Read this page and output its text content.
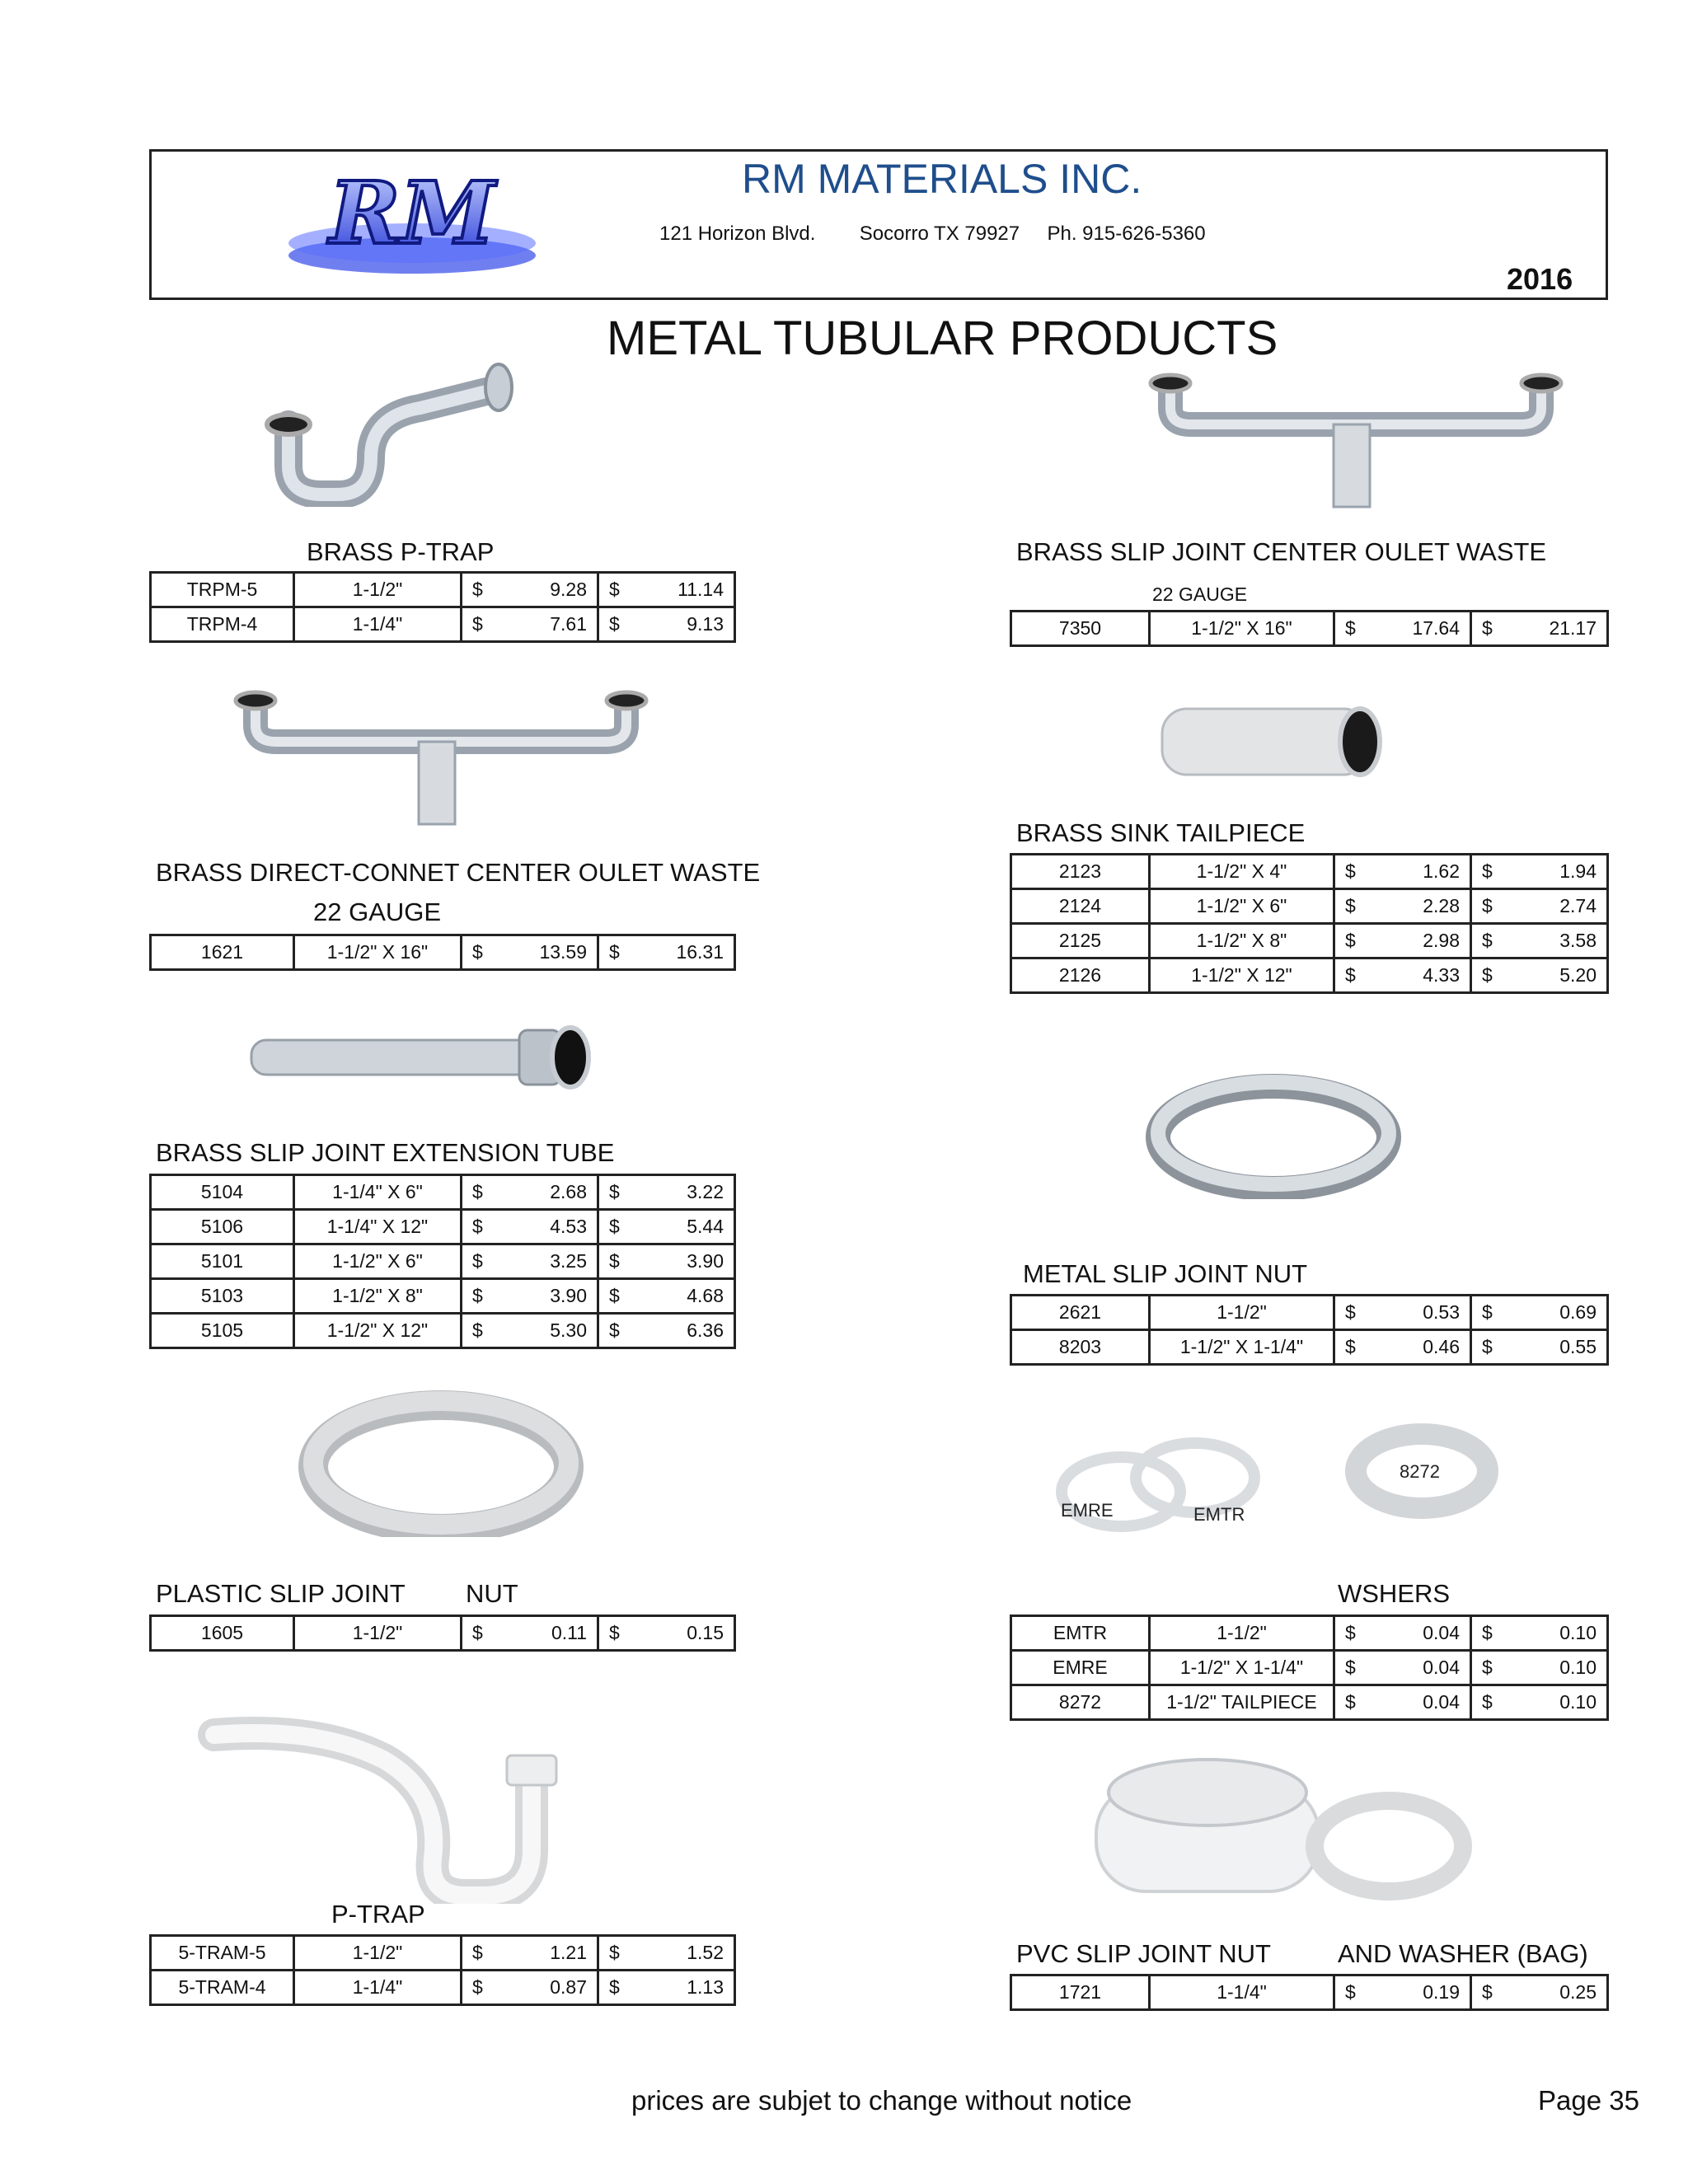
RM	RM MATERIALS INC.
121 Horizon Blvd.        Socorro TX 79927     Ph. 915-626-5360
2016
METAL TUBULAR PRODUCTS
EMRE	EMTR
8272
BRASS P-TRAP
TRPM-5	1-1/2"	$ 9.28	$ 11.14

TRPM-4	1-1/4"	$ 7.61	$ 9.13
BRASS SLIP JOINT CENTER OULET WASTE
22 GAUGE
7350	1-1/2" X 16"	$	17.64	$	21.17
BRASS DIRECT-CONNET CENTER OULET WASTE
22 GAUGE
1621	1-1/2" X 16"	$	13.59	$	16.31
BRASS SINK TAILPIECE
2123	1-1/2" X 4"	$ 1.62	$ 1.94

2124	1-1/2" X 6"	$ 2.28	$ 2.74

2125	1-1/2" X 8"	$ 2.98	$ 3.58

2126	1-1/2" X 12"	$ 4.33	$ 5.20
BRASS SLIP JOINT EXTENSION TUBE
5104	1-1/4" X 6"	$ 2.68	$ 3.22

5106	1-1/4" X 12"	$ 4.53	$ 5.44

5101	1-1/2" X 6"	$ 3.25	$ 3.90

5103	1-1/2" X 8"	$ 3.90	$ 4.68

5105	1-1/2" X 12"	$ 5.30	$ 6.36
METAL SLIP JOINT NUT
2621	1-1/2"	$ 0.53	$ 0.69

8203	1-1/2" X 1-1/4"	$ 0.46	$ 0.55
PLASTIC SLIP JOINT NUT
1605	1-1/2"	$	0.11	$	0.15
WSHERS
EMTR	1-1/2"	$ 0.04	$ 0.10

EMRE	1-1/2" X 1-1/4"	$ 0.04	$ 0.10

8272	1-1/2" TAILPIECE	$ 0.04	$ 0.10
P-TRAP
5-TRAM-5	1-1/2"	$ 1.21	$ 1.52

5-TRAM-4	1-1/4"	$ 0.87	$ 1.13
PVC SLIP JOINT NUT	AND WASHER (BAG)
1721	1-1/4"	$	0.19	$	0.25
prices are subjet to change without notice	Page 35
